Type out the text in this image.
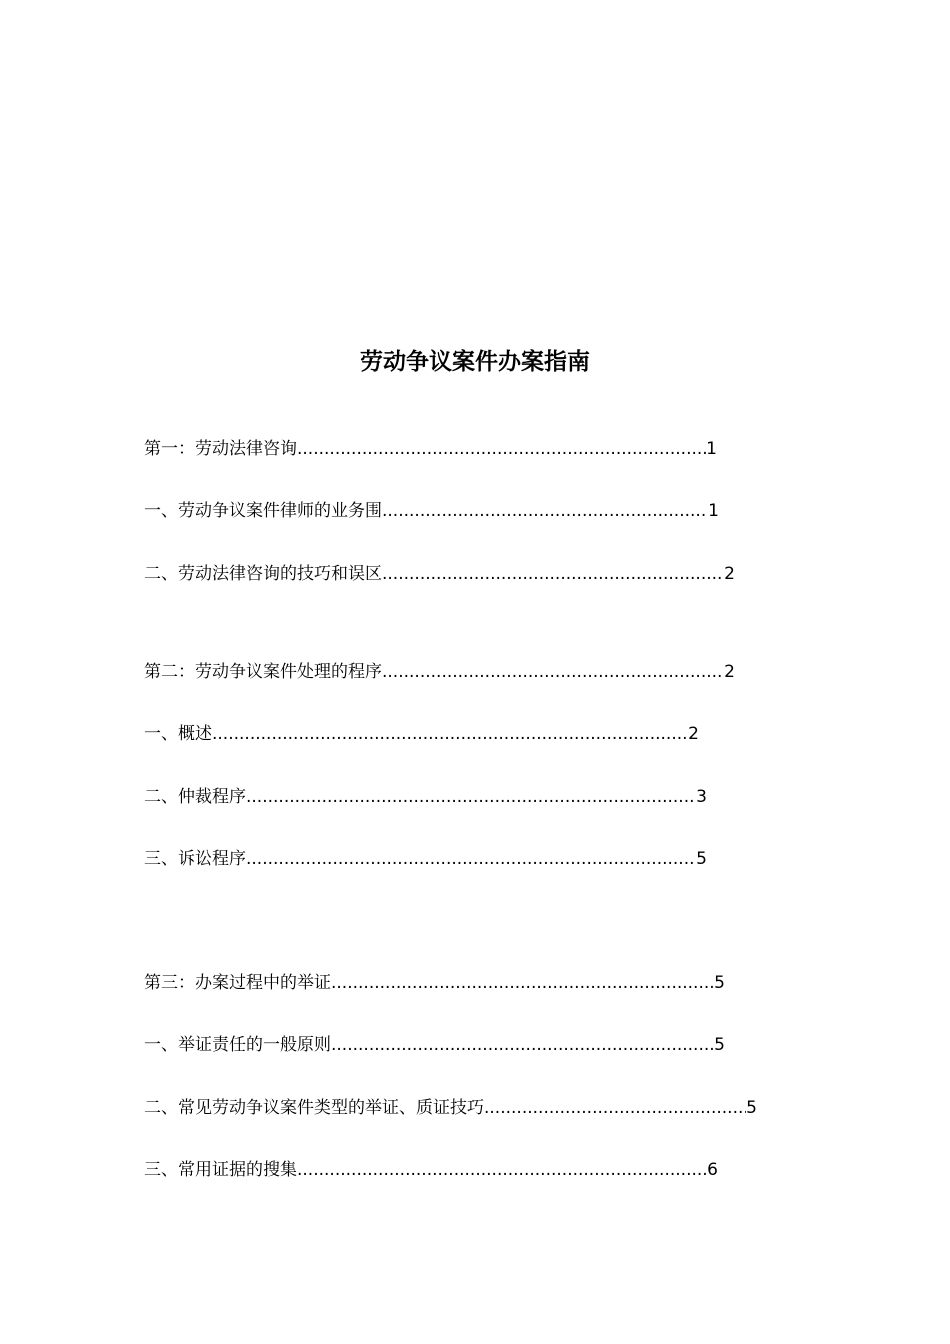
劳动争议案件办案指南
第一：劳动法律咨询 .....	1
一、劳动争议案件律师的业务围 .....	1
二、劳动法律咨询的技巧和误区 .....	2
第二：劳动争议案件处理的程序 .....	2
一、概述 .....	2
二、仲裁程序 .....	3
三、诉讼程序 .....	5
第三：办案过程中的举证 .....	5
一、举证责任的一般原则 .....	5
二、常见劳动争议案件类型的举证、质证技巧 .....	5
三、常用证据的搜集 .....	6
